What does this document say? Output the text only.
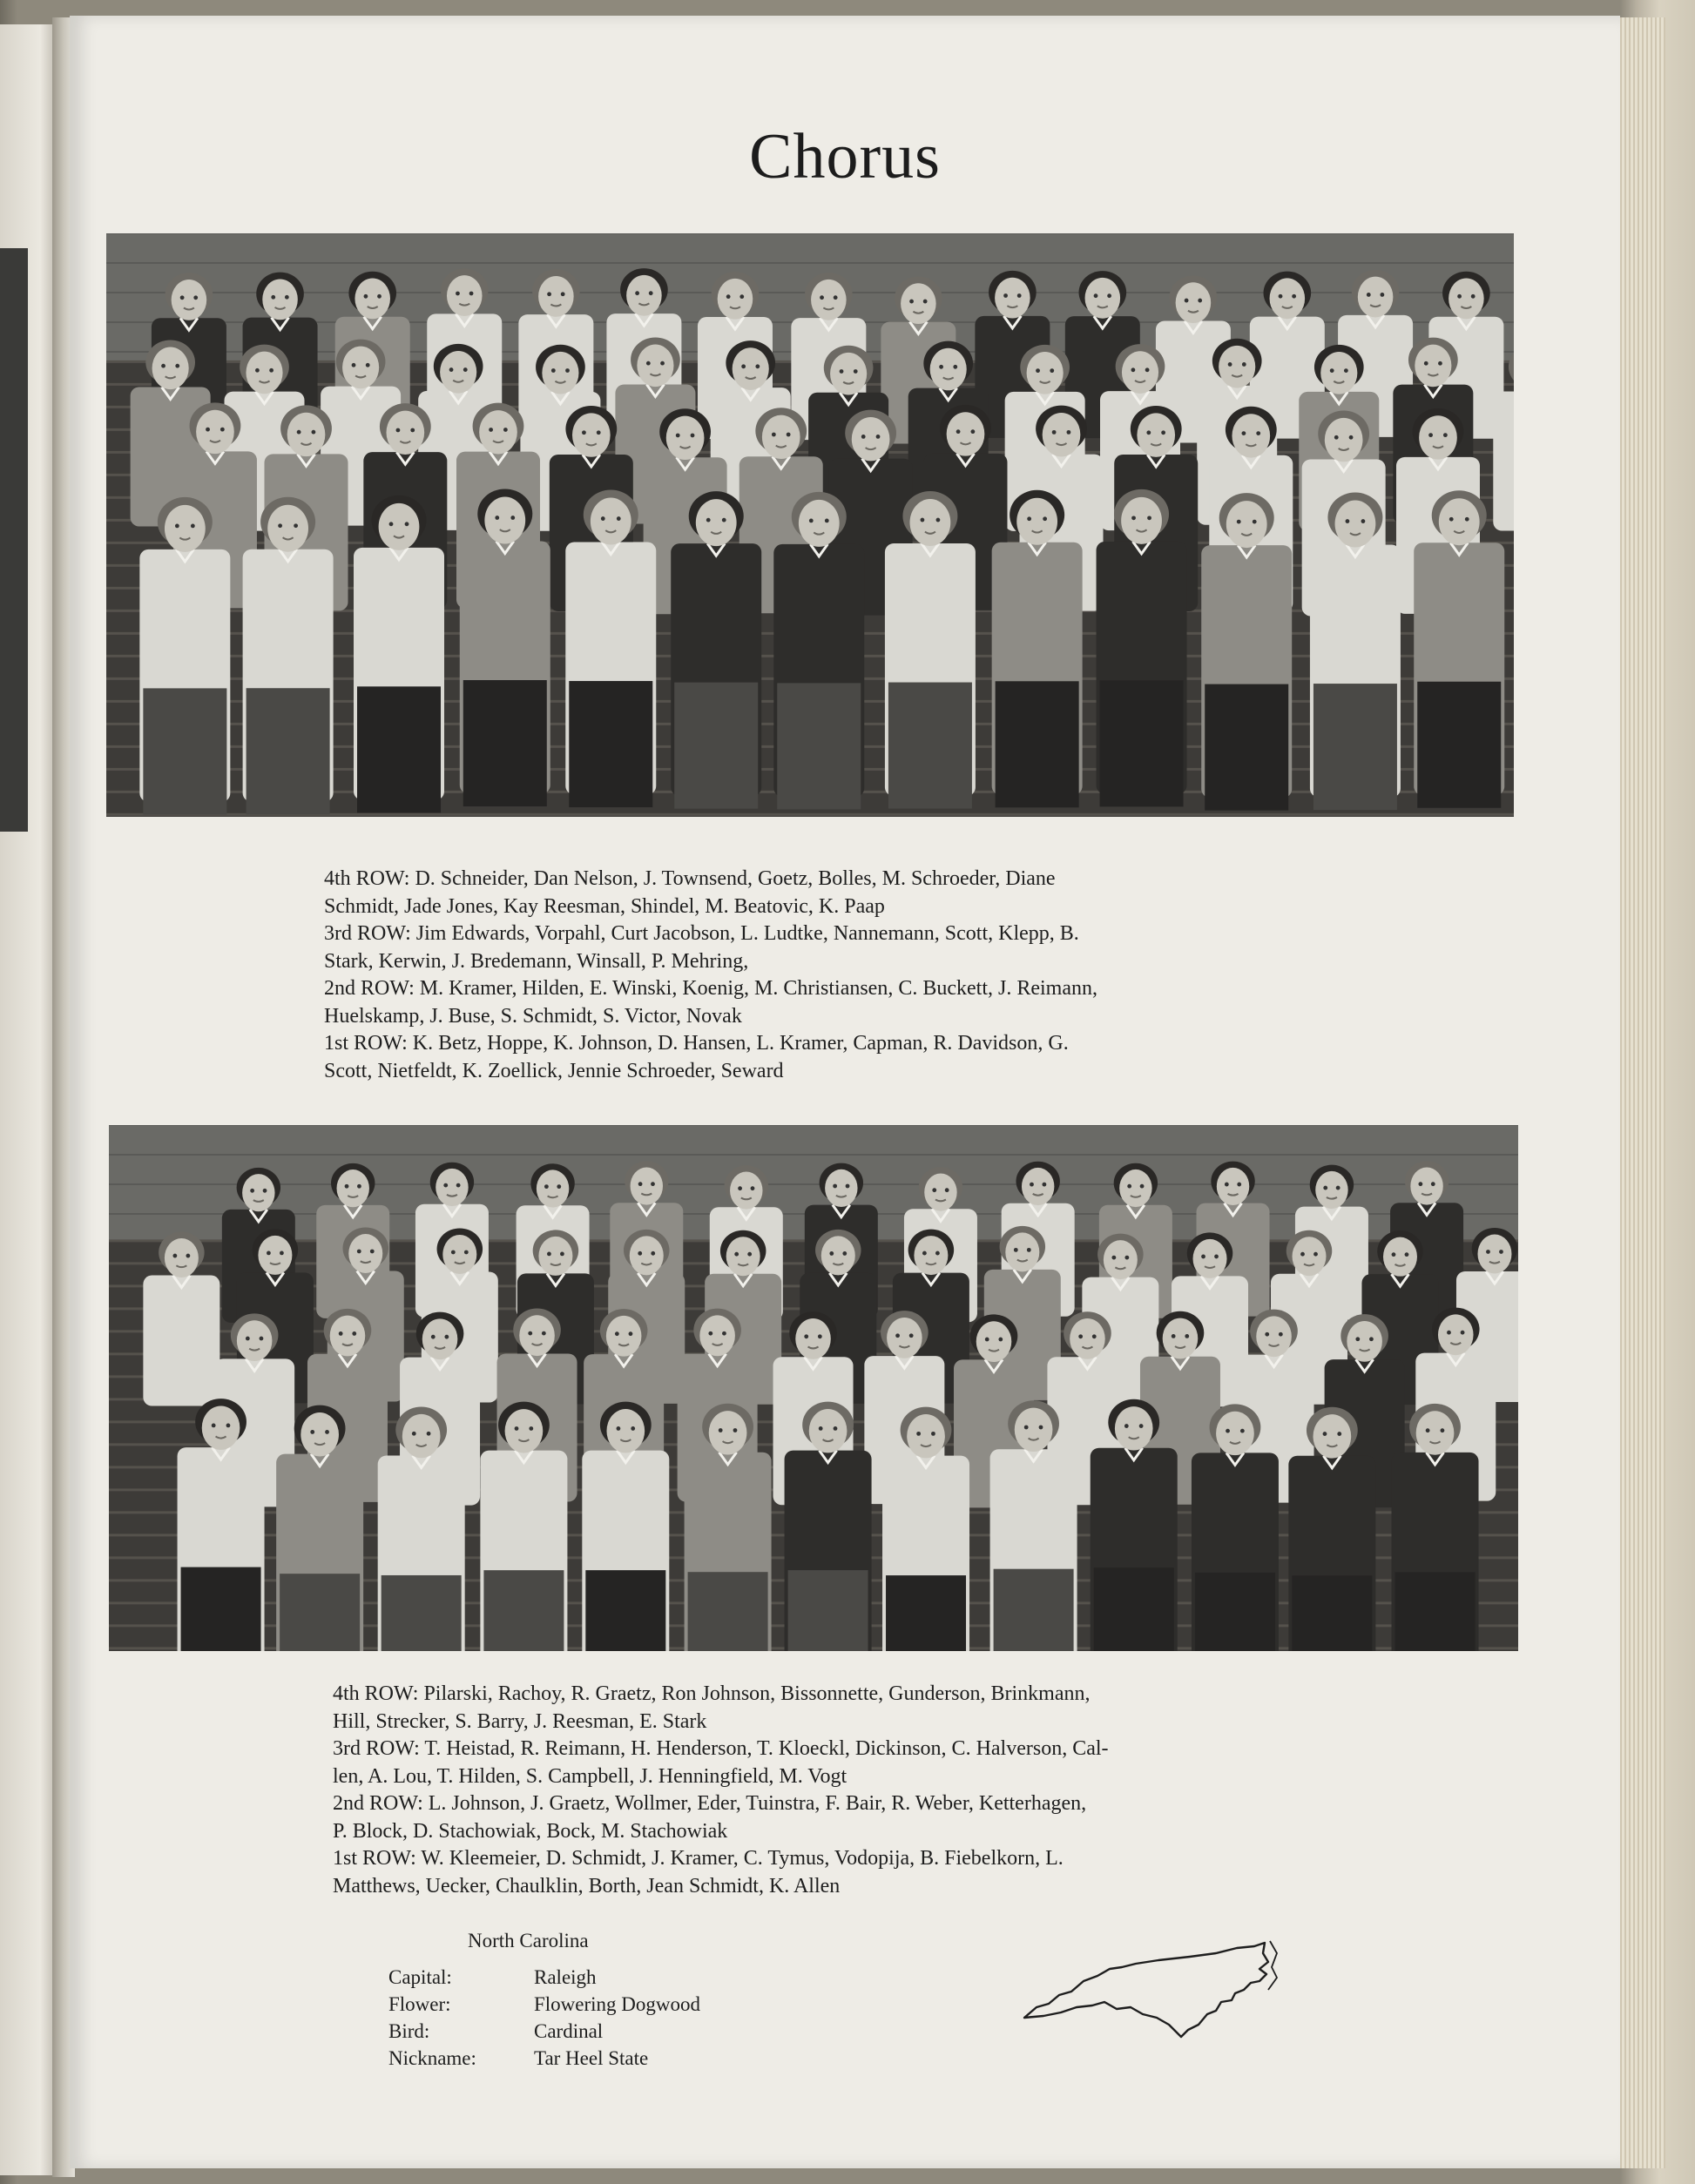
Chorus
4th ROW: D. Schneider, Dan Nelson, J. Townsend, Goetz, Bolles, M. Schroeder, Diane
Schmidt, Jade Jones, Kay Reesman, Shindel, M. Beatovic, K. Paap
3rd ROW: Jim Edwards, Vorpahl, Curt Jacobson, L. Ludtke, Nannemann, Scott, Klepp, B.
Stark, Kerwin, J. Bredemann, Winsall, P. Mehring,
2nd ROW: M. Kramer, Hilden, E. Winski, Koenig, M. Christiansen, C. Buckett, J. Reimann,
Huelskamp, J. Buse, S. Schmidt, S. Victor, Novak
1st ROW: K. Betz, Hoppe, K. Johnson, D. Hansen, L. Kramer, Capman, R. Davidson, G.
Scott, Nietfeldt, K. Zoellick, Jennie Schroeder, Seward
4th ROW: Pilarski, Rachoy, R. Graetz, Ron Johnson, Bissonnette, Gunderson, Brinkmann,
Hill, Strecker, S. Barry, J. Reesman, E. Stark
3rd ROW: T. Heistad, R. Reimann, H. Henderson, T. Kloeckl, Dickinson, C. Halverson, Cal-
len, A. Lou, T. Hilden, S. Campbell, J. Henningfield, M. Vogt
2nd ROW: L. Johnson, J. Graetz, Wollmer, Eder, Tuinstra, F. Bair, R. Weber, Ketterhagen,
P. Block, D. Stachowiak, Bock, M. Stachowiak
1st ROW: W. Kleemeier, D. Schmidt, J. Kramer, C. Tymus, Vodopija, B. Fiebelkorn, L.
Matthews, Uecker, Chaulklin, Borth, Jean Schmidt, K. Allen
North Carolina
Capital:	Raleigh
Flower:	Flowering Dogwood
Bird:	Cardinal
Nickname:	Tar Heel State
